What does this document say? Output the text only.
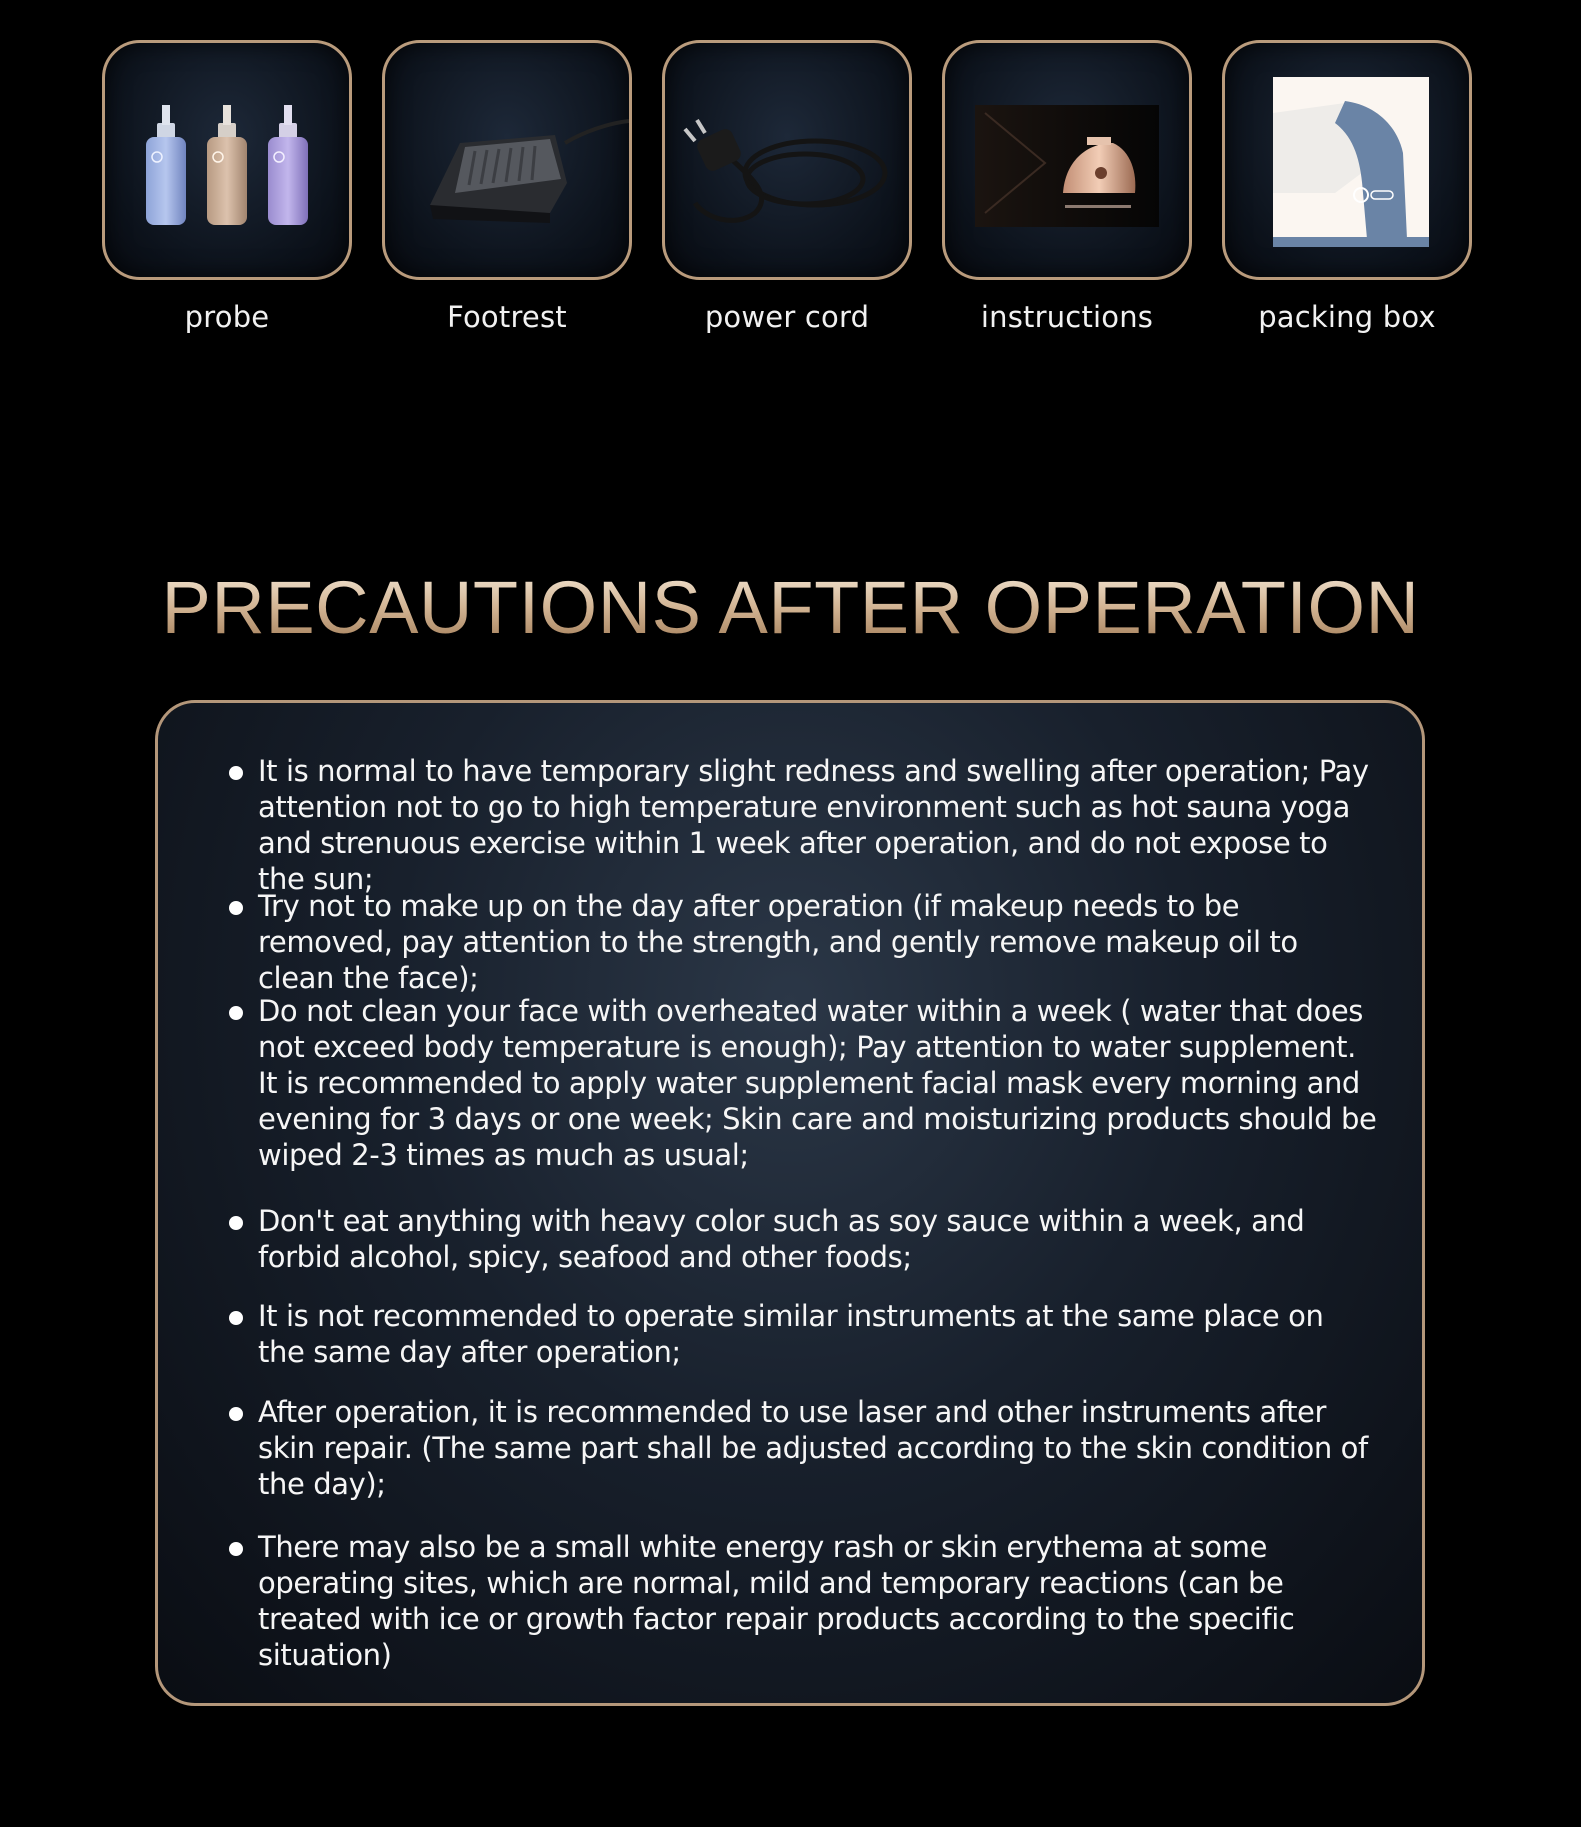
probe	Footrest	power cord	instructions	packing box
PRECAUTIONS AFTER OPERATION
It is normal to have temporary slight redness and swelling after operation; Pay attention not to go to high temperature environment such as hot sauna yoga and strenuous exercise within 1 week after operation, and do not expose to the sun;
Try not to make up on the day after operation (if makeup needs to be removed, pay attention to the strength, and gently remove makeup oil to clean the face);
Do not clean your face with overheated water within a week ( water that does not exceed body temperature is enough); Pay attention to water supplement. It is recommended to apply water supplement facial mask every morning and evening for 3 days or one week; Skin care and moisturizing products should be wiped 2-3 times as much as usual;
Don't eat anything with heavy color such as soy sauce within a week, and forbid alcohol, spicy, seafood and other foods;
It is not recommended to operate similar instruments at the same place on the same day after operation;
After operation, it is recommended to use laser and other instruments after skin repair. (The same part shall be adjusted according to the skin condition of the day);
There may also be a small white energy rash or skin erythema at some operating sites, which are normal, mild and temporary reactions (can be treated with ice or growth factor repair products according to the specific situation)
